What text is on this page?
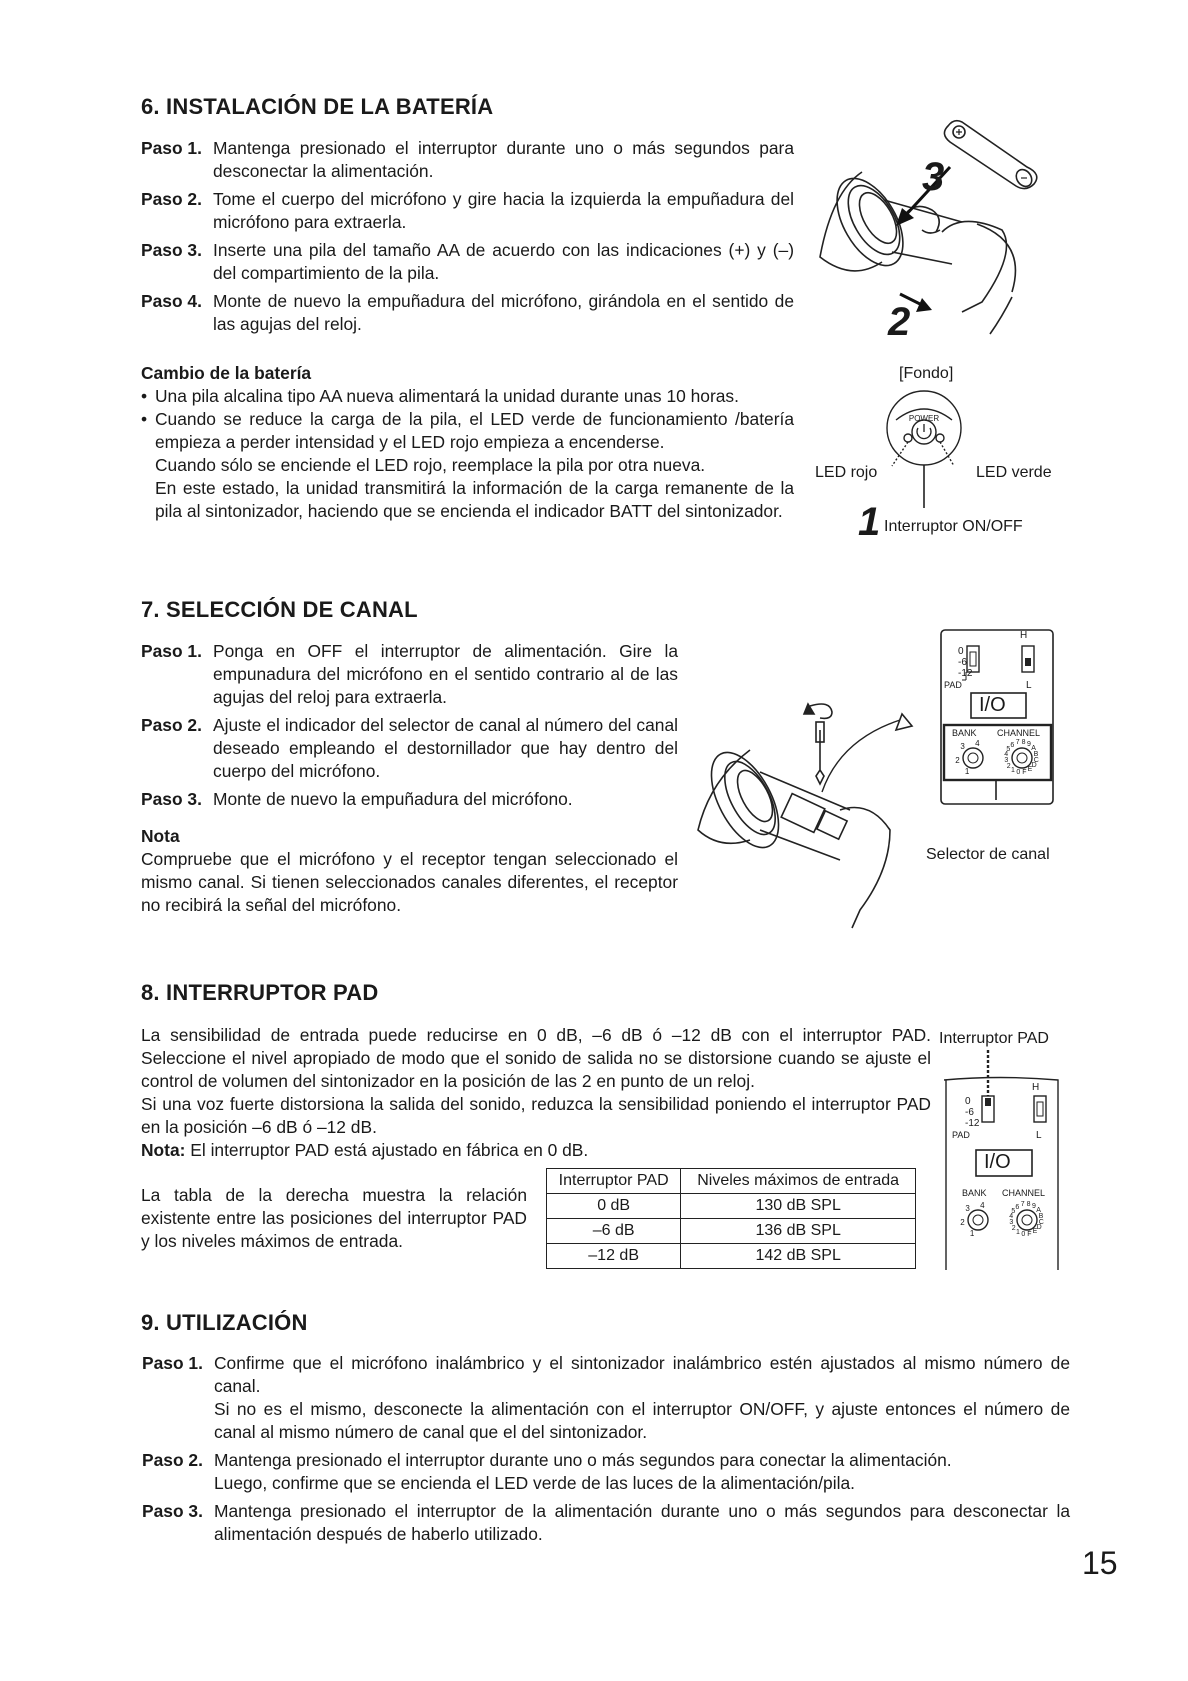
6. INSTALACIÓN DE LA BATERÍA

Paso 1. Mantenga presionado el interruptor durante uno o más segundos para desconectar la alimentación.

Paso 2. Tome el cuerpo del micrófono y gire hacia la izquierda la empuñadura del micrófono para extraerla.

Paso 3. Inserte una pila del tamaño AA de acuerdo con las indicaciones (+) y (–) del compartimiento de la pila.

Paso 4. Monte de nuevo la empuñadura del micrófono, girándola en el sentido de las agujas del reloj.

Cambio de la batería

• Una pila alcalina tipo AA nueva alimentará la unidad durante unas 10 horas.

• Cuando se reduce la carga de la pila, el LED verde de funcionamiento /batería empieza a perder intensidad y el LED rojo empieza a encenderse.

Cuando sólo se enciende el LED rojo, reemplace la pila por otra nueva.

En este estado, la unidad transmitirá la información de la carga remanente de la pila al sintonizador, haciendo que se encienda el indicador BATT del sintonizador.

3
2
[Fondo]
POWER
LED rojo	LED verde
1 Interruptor ON/OFF
7. SELECCIÓN DE CANAL

Paso 1. Ponga en OFF el interruptor de alimentación. Gire la empunadura del micrófono en el sentido contrario al de las agujas del reloj para extraerla.

Paso 2. Ajuste el indicador del selector de canal al número del canal deseado empleando el destornillador que hay dentro del cuerpo del micrófono.

Paso 3. Monte de nuevo la empuñadura del micrófono.

Nota

Compruebe que el micrófono y el receptor tengan seleccionado el mismo canal. Si tienen seleccionados canales diferentes, el receptor no recibirá la señal del micrófono.

H
0
-6
-12
PAD	L
I/O
BANK CHANNEL
1
2
3 4
0
1
2
3
4
5
6 7 8 9
A
B
C
D
E
F
Selector de canal
8. INTERRUPTOR PAD

La sensibilidad de entrada puede reducirse en 0 dB, –6 dB ó –12 dB con el interruptor PAD. Seleccione el nivel apropiado de modo que el sonido de salida no se distorsione cuando se ajuste el control de volumen del sintonizador en la posición de las 2 en punto de un reloj.

Si una voz fuerte distorsiona la salida del sonido, reduzca la sensibilidad poniendo el interruptor PAD en la posición –6 dB ó –12 dB.

Nota: El interruptor PAD está ajustado en fábrica en 0 dB.

La tabla de la derecha muestra la relación existente entre las posiciones del interruptor PAD y los niveles máximos de entrada.

Interruptor PAD	Niveles máximos de entrada
0 dB	130 dB SPL
–6 dB	136 dB SPL
–12 dB	142 dB SPL
Interruptor PAD
H
0
-6
-12
PAD	L
I/O
BANK CHANNEL
1
2
3 4
0
1
2
3
4
5
6 7 8 9
A
B
C
D
E
F
9. UTILIZACIÓN
Paso 1. Confirme que el micrófono inalámbrico y el sintonizador inalámbrico estén ajustados al mismo número de canal.

Si no es el mismo, desconecte la alimentación con el interruptor ON/OFF, y ajuste entonces el número de canal al mismo número de canal que el del sintonizador.

Paso 2. Mantenga presionado el interruptor durante uno o más segundos para conectar la alimentación.

Luego, confirme que se encienda el LED verde de las luces de la alimentación/pila.

Paso 3. Mantenga presionado el interruptor de la alimentación durante uno o más segundos para desconectar la alimentación después de haberlo utilizado.

15
